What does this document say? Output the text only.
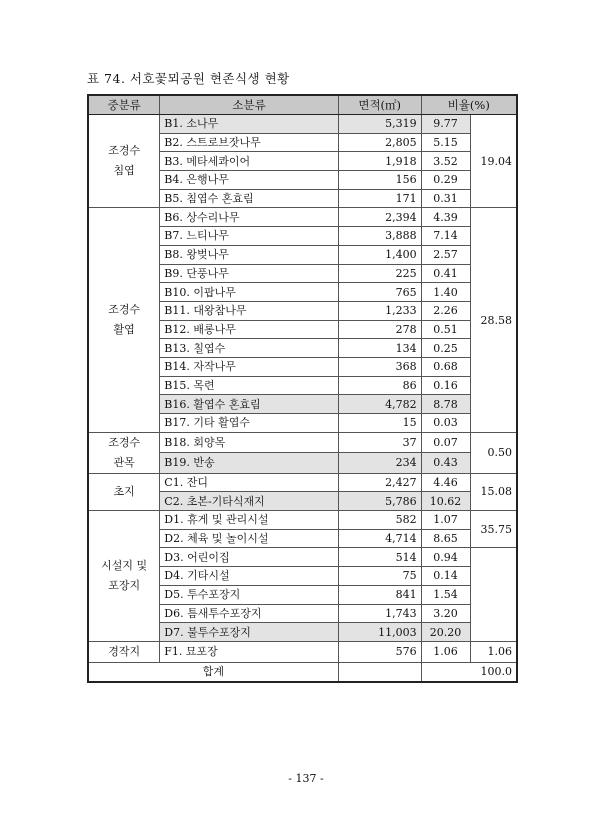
표 74. 서호꽃뫼공원 현존식생 현황
중분류	소분류	면적(㎡)	비율(%)	
조경수
침엽	B1. 소나무	5,319	9.77	19.04
	B2. 스트로브잣나무	2,805	5.15	
	B3. 메타세콰이어	1,918	3.52	
	B4. 은행나무	156	0.29	
	B5. 침엽수 혼효림	171	0.31	
조경수
활엽	B6. 상수리나무	2,394	4.39	28.58
	B7. 느티나무	3,888	7.14	
	B8. 왕벚나무	1,400	2.57	
	B9. 단풍나무	225	0.41	
	B10. 이팝나무	765	1.40	
	B11. 대왕참나무	1,233	2.26	
	B12. 배롱나무	278	0.51	
	B13. 칠엽수	134	0.25	
	B14. 자작나무	368	0.68	
	B15. 목련	86	0.16	
	B16. 활엽수 혼효림	4,782	8.78	
	B17. 기타 활엽수	15	0.03	
조경수
관목	B18. 회양목	37	0.07	0.50
	B19. 반송	234	0.43	
초지	C1. 잔디	2,427	4.46	15.08
	C2. 초본-기타식재지	5,786	10.62	
시설지 및
포장지	D1. 휴게 및 관리시설	582	1.07	35.75
	D2. 체육 및 놀이시설	4,714	8.65	
	D3. 어린이집	514	0.94	
	D4. 기타시설	75	0.14	
	D5. 투수포장지	841	1.54	
	D6. 틈새투수포장지	1,743	3.20	
	D7. 불투수포장지	11,003	20.20	
경작지	F1. 묘포장	576	1.06	1.06
합계			100.0	
- 137 -
